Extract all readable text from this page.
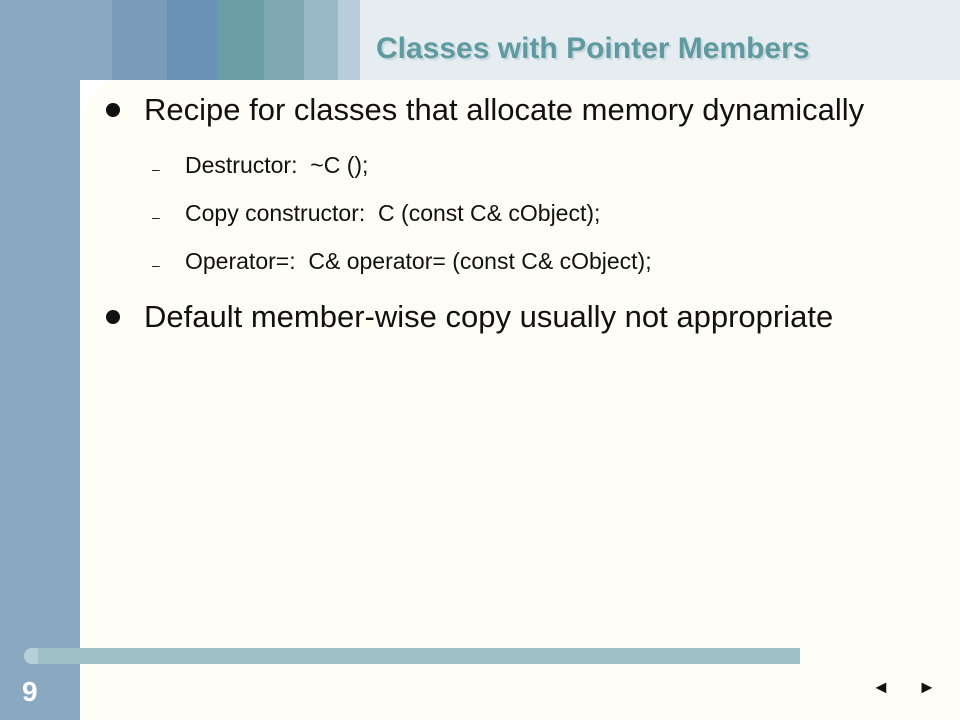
Classes with Pointer Members
Recipe for classes that allocate memory dynamically
– Destructor: ~C ();
– Copy constructor: C (const C& cObject);
– Operator=: C& operator= (const C& cObject);
Default member-wise copy usually not appropriate
9	◄ ►
